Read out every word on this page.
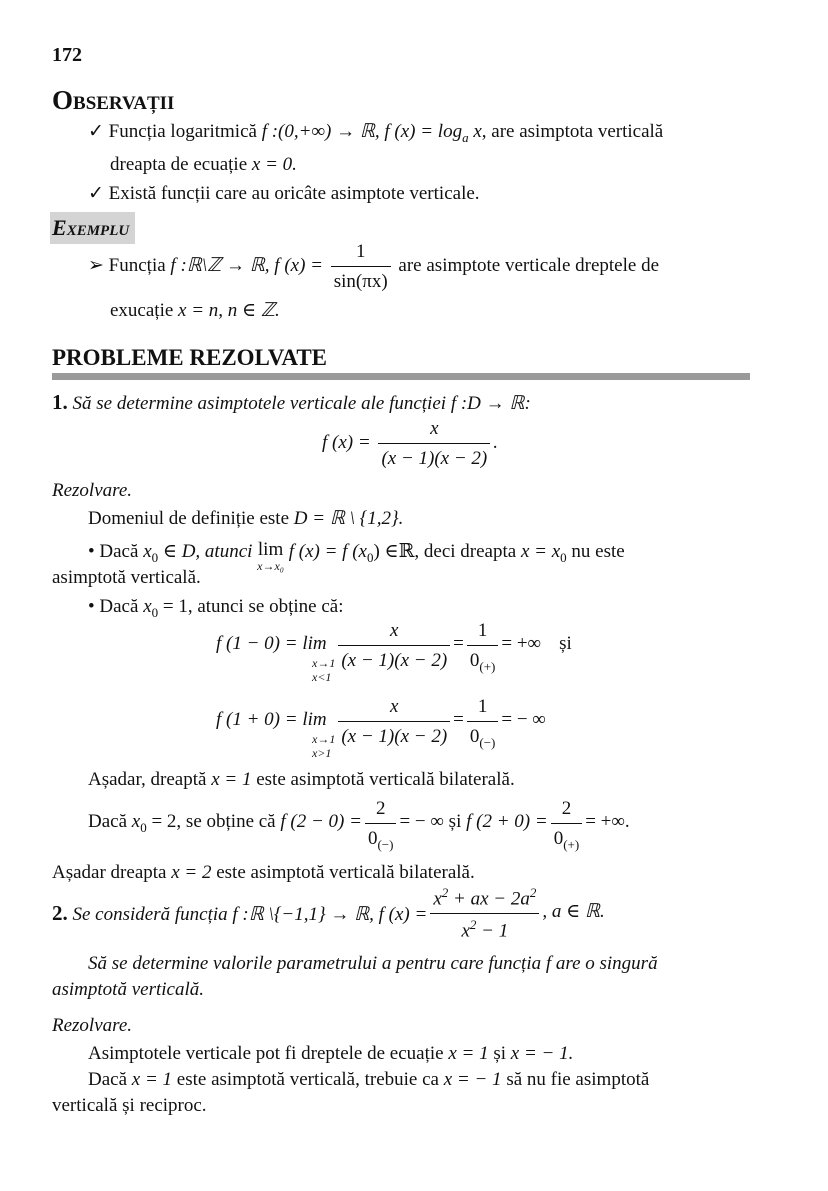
172
OBSERVAȚII
✓ Funcția logaritmică f :(0,+∞) → ℝ, f $(x) = \log_a x$, are asimptota verticală
dreapta de ecuație x = 0.
✓ Există funcții care au oricâte asimptote verticale.
EXEMPLU
➢ Funcția f :ℝ\ℤ → ℝ, f $(x) = \frac{1}{\sin(\pi x)}$ are asimptote verticale dreptele de
exucație x = n, n ∈ ℤ.
PROBLEME REZOLVATE
1. Să se determine asimptotele verticale ale funcției f :D → ℝ:
f $(x) = \frac{x}{(x - 1)(x - 2)}$ .
Rezolvare.
Domeniul de definiție este D = ℝ \ {1,2}.
• Dacă $x_0$ ∈ D, atunci lim
x→x₀
f (x) = f $(x_0)$ ∈ℝ, deci dreapta $x = x_0$ nu este
asimptotă verticală.
• Dacă $x_0 = 1$, atunci se obține că:
f (1 − 0) = lim
x→1
x<1
$\frac{x}{(x - 1)(x - 2)} = \frac{1}{0_{(+)}}$ = +∞ și
f (1 + 0) = lim
x→1
x>1
$\frac{x}{(x - 1)(x - 2)} = \frac{1}{0_{(-)}}$ = − ∞
Așadar, dreaptă x = 1 este asimptotă verticală bilaterală.
Dacă $x_0 = 2$, se obține că f $(2 - 0) = \frac{2}{0_{(-)}}$ = − ∞ și f $(2 + 0) = \frac{2}{0_{(+)}}$ = +∞.
Așadar dreapta x = 2 este asimptotă verticală bilaterală.
2. Se consideră funcția f :ℝ \{−1,1} → ℝ, f $(x) = \frac{x^2 + ax - 2a^2}{x^2 - 1}$ , a ∈ ℝ.
Să se determine valorile parametrului a pentru care funcția f are o singură
asimptotă verticală.
Rezolvare.
Asimptotele verticale pot fi dreptele de ecuație x = 1 și x = − 1.
Dacă x = 1 este asimptotă verticală, trebuie ca x = − 1 să nu fie asimptotă
verticală și reciproc.
